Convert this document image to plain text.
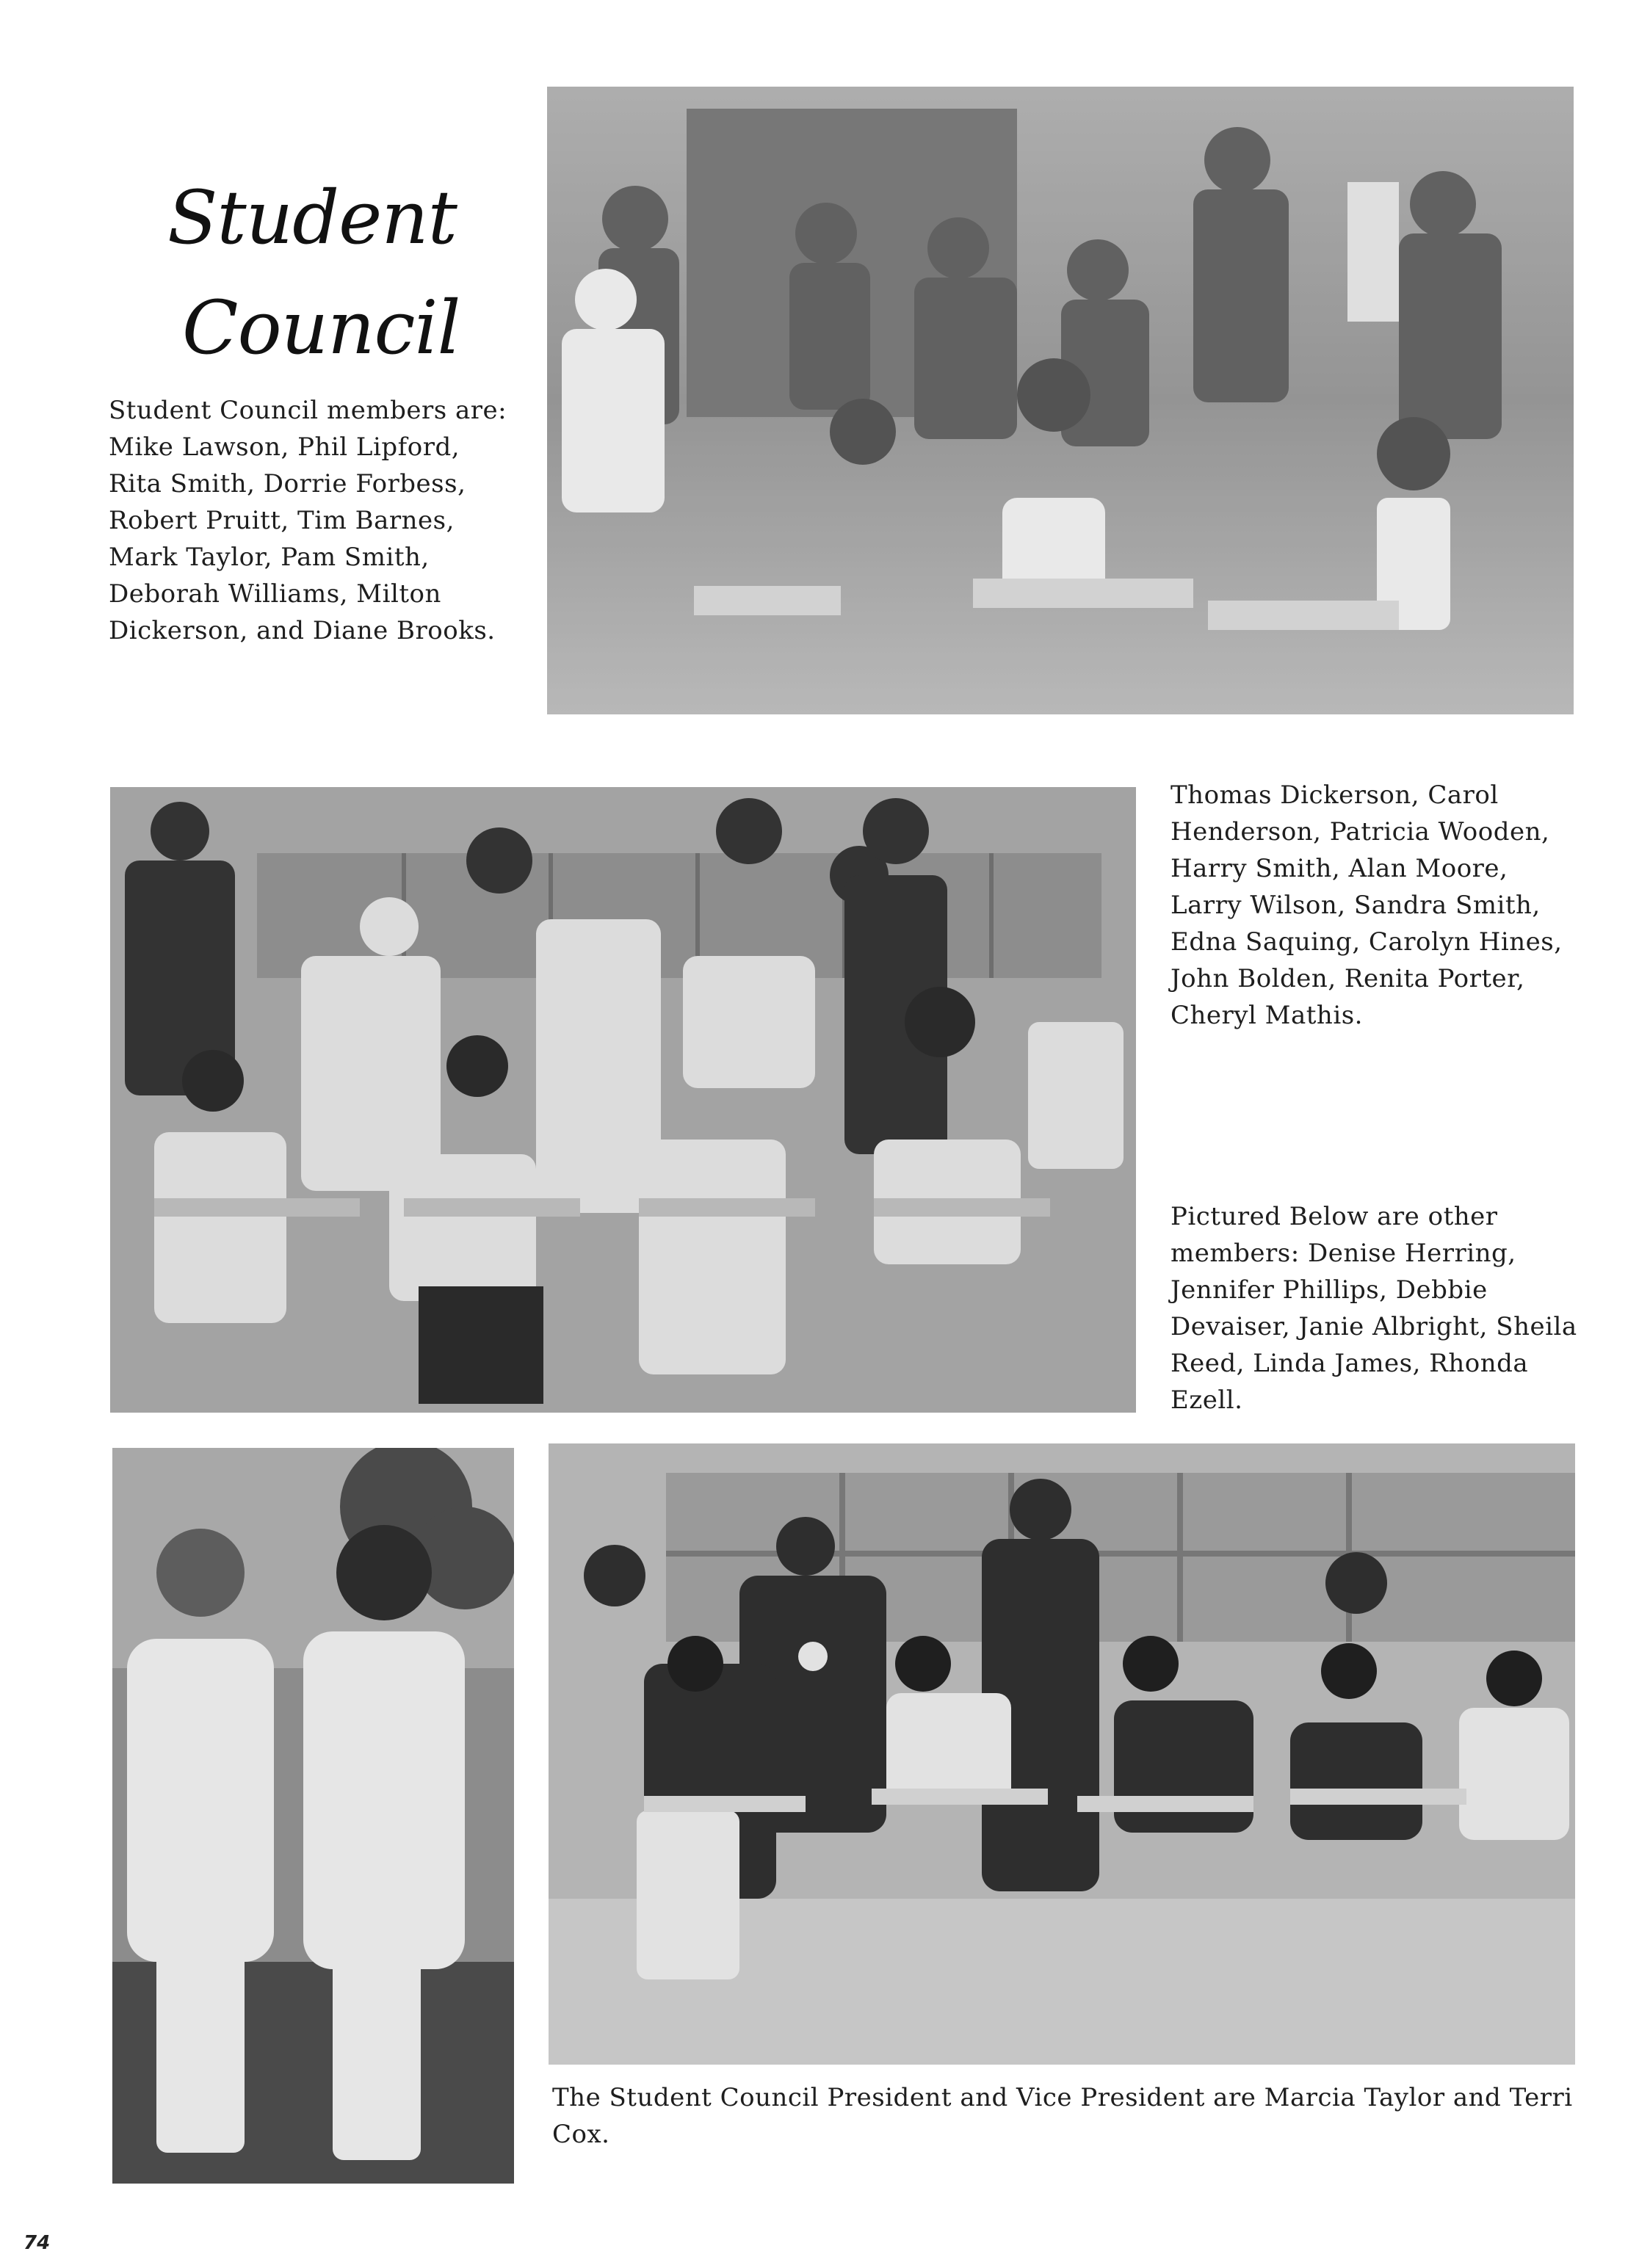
Student
Council
Student Council members are: Mike Lawson, Phil Lipford, Rita Smith, Dorrie Forbess, Robert Pruitt, Tim Barnes, Mark Taylor, Pam Smith, Deborah Williams, Milton Dickerson, and Diane Brooks.
Thomas Dickerson, Carol Henderson, Patricia Wooden, Harry Smith, Alan Moore, Larry Wilson, Sandra Smith, Edna Saquing, Carolyn Hines, John Bolden, Renita Porter, Cheryl Mathis.
Pictured Below are other members: Denise Herring, Jennifer Phillips, Debbie Devaiser, Janie Albright, Sheila Reed, Linda James, Rhonda Ezell.
The Student Council President and Vice President are Marcia Taylor and Terri Cox.
74
